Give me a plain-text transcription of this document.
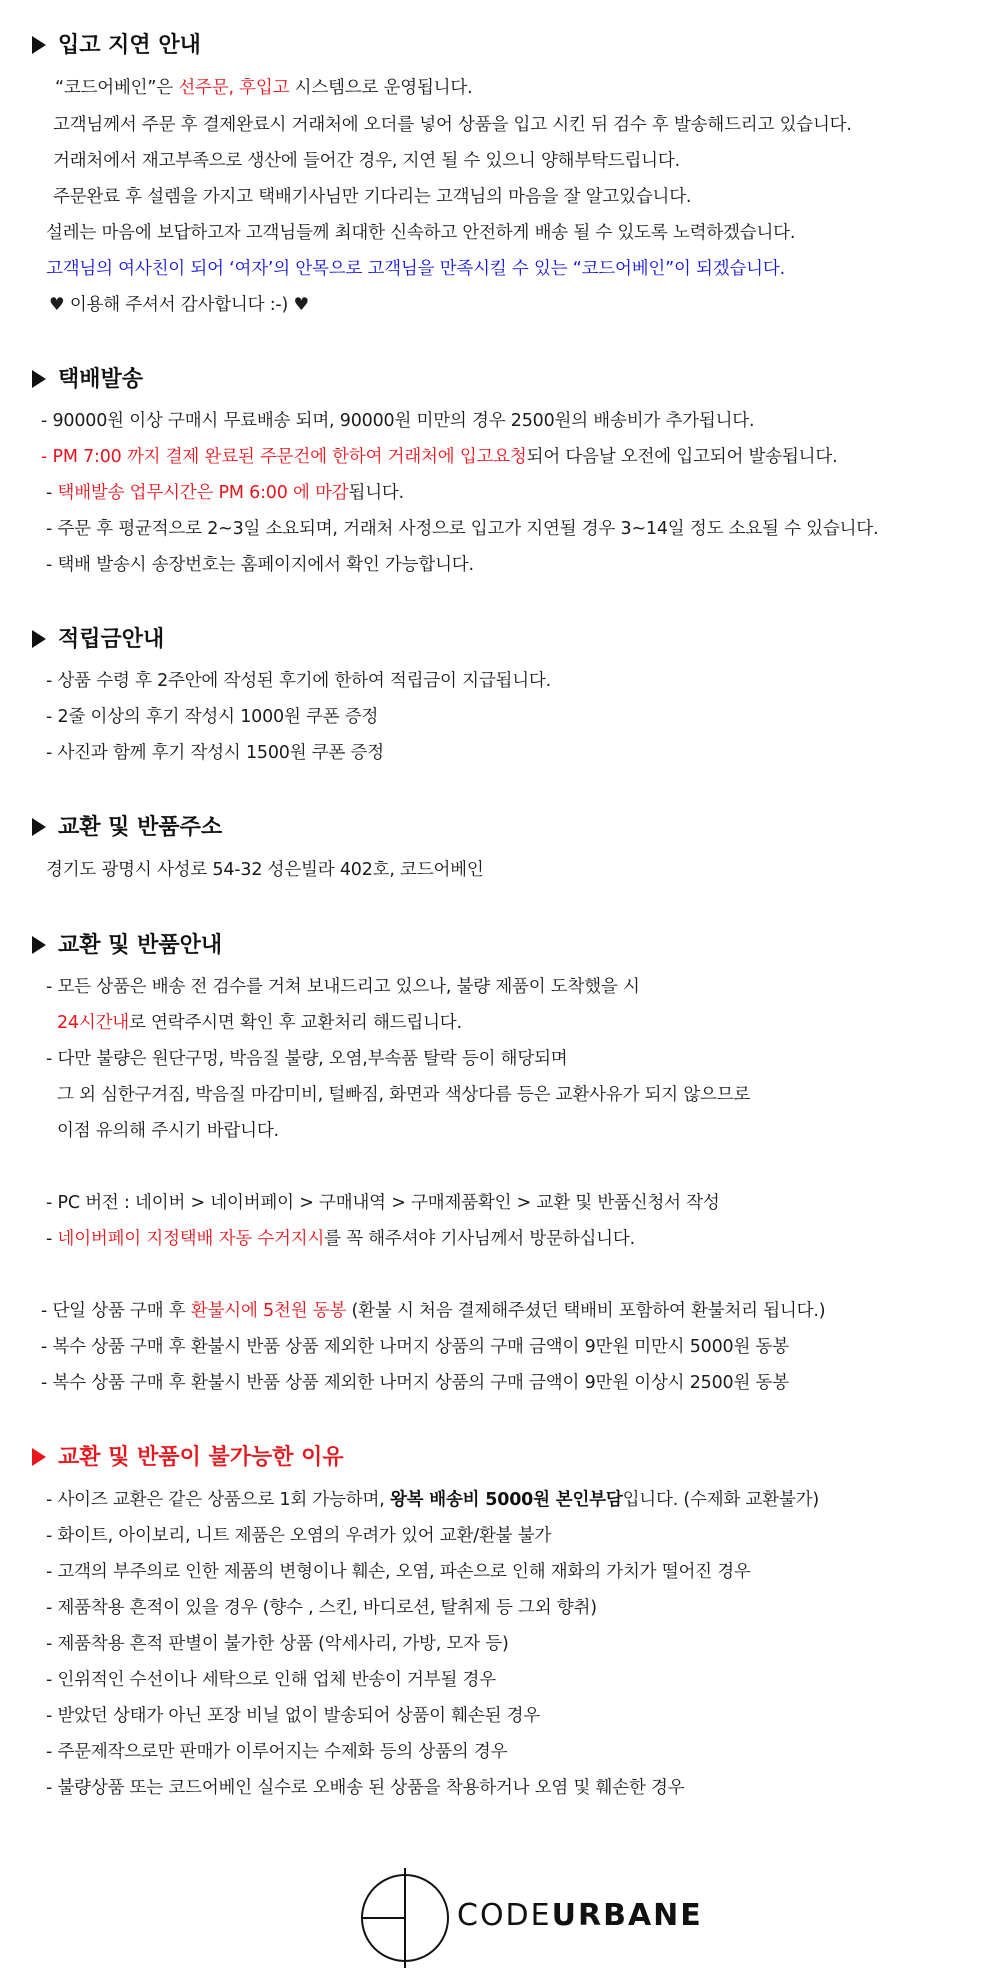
입고 지연 안내
“코드어베인”은 선주문, 후입고 시스템으로 운영됩니다.
고객님께서 주문 후 결제완료시 거래처에 오더를 넣어 상품을 입고 시킨 뒤 검수 후 발송해드리고 있습니다.
거래처에서 재고부족으로 생산에 들어간 경우, 지연 될 수 있으니 양해부탁드립니다.
주문완료 후 설렘을 가지고 택배기사님만 기다리는 고객님의 마음을 잘 알고있습니다.
설레는 마음에 보답하고자 고객님들께 최대한 신속하고 안전하게 배송 될 수 있도록 노력하겠습니다.
고객님의 여사친이 되어 ‘여자’의 안목으로 고객님을 만족시킬 수 있는 “코드어베인”이 되겠습니다.
♥ 이용해 주셔서 감사합니다 :-) ♥
택배발송
- 90000원 이상 구매시 무료배송 되며, 90000원 미만의 경우 2500원의 배송비가 추가됩니다.
- PM 7:00 까지 결제 완료된 주문건에 한하여 거래처에 입고요청되어 다음날 오전에 입고되어 발송됩니다.
- 택배발송 업무시간은 PM 6:00 에 마감됩니다.
- 주문 후 평균적으로 2~3일 소요되며, 거래처 사정으로 입고가 지연될 경우 3~14일 정도 소요될 수 있습니다.
- 택배 발송시 송장번호는 홈페이지에서 확인 가능합니다.
적립금안내
- 상품 수령 후 2주안에 작성된 후기에 한하여 적립금이 지급됩니다.
- 2줄 이상의 후기 작성시 1000원 쿠폰 증정
- 사진과 함께 후기 작성시 1500원 쿠폰 증정
교환 및 반품주소
경기도 광명시 사성로 54-32 성은빌라 402호, 코드어베인
교환 및 반품안내
- 모든 상품은 배송 전 검수를 거쳐 보내드리고 있으나, 불량 제품이 도착했을 시
24시간내로 연락주시면 확인 후 교환처리 해드립니다.
- 다만 불량은 원단구멍, 박음질 불량, 오염,부속품 탈락 등이 해당되며
그 외 심한구겨짐, 박음질 마감미비, 털빠짐, 화면과 색상다름 등은 교환사유가 되지 않으므로
이점 유의해 주시기 바랍니다.
- PC 버전 : 네이버 > 네이버페이 > 구매내역 > 구매제품확인 > 교환 및 반품신청서 작성
- 네이버페이 지정택배 자동 수거지시를 꼭 해주셔야 기사님께서 방문하십니다.
- 단일 상품 구매 후 환불시에 5천원 동봉 (환불 시 처음 결제해주셨던 택배비 포함하여 환불처리 됩니다.)
- 복수 상품 구매 후 환불시 반품 상품 제외한 나머지 상품의 구매 금액이 9만원 미만시 5000원 동봉
- 복수 상품 구매 후 환불시 반품 상품 제외한 나머지 상품의 구매 금액이 9만원 이상시 2500원 동봉
교환 및 반품이 불가능한 이유
- 사이즈 교환은 같은 상품으로 1회 가능하며, 왕복 배송비 5000원 본인부담입니다. (수제화 교환불가)
- 화이트, 아이보리, 니트 제품은 오염의 우려가 있어 교환/환불 불가
- 고객의 부주의로 인한 제품의 변형이나 훼손, 오염, 파손으로 인해 재화의 가치가 떨어진 경우
- 제품착용 흔적이 있을 경우 (향수 , 스킨, 바디로션, 탈취제 등 그외 향취)
- 제품착용 흔적 판별이 불가한 상품 (악세사리, 가방, 모자 등)
- 인위적인 수선이나 세탁으로 인해 업체 반송이 거부될 경우
- 받았던 상태가 아닌 포장 비닐 없이 발송되어 상품이 훼손된 경우
- 주문제작으로만 판매가 이루어지는 수제화 등의 상품의 경우
- 불량상품 또는 코드어베인 실수로 오배송 된 상품을 착용하거나 오염 및 훼손한 경우
CODEURBANE
